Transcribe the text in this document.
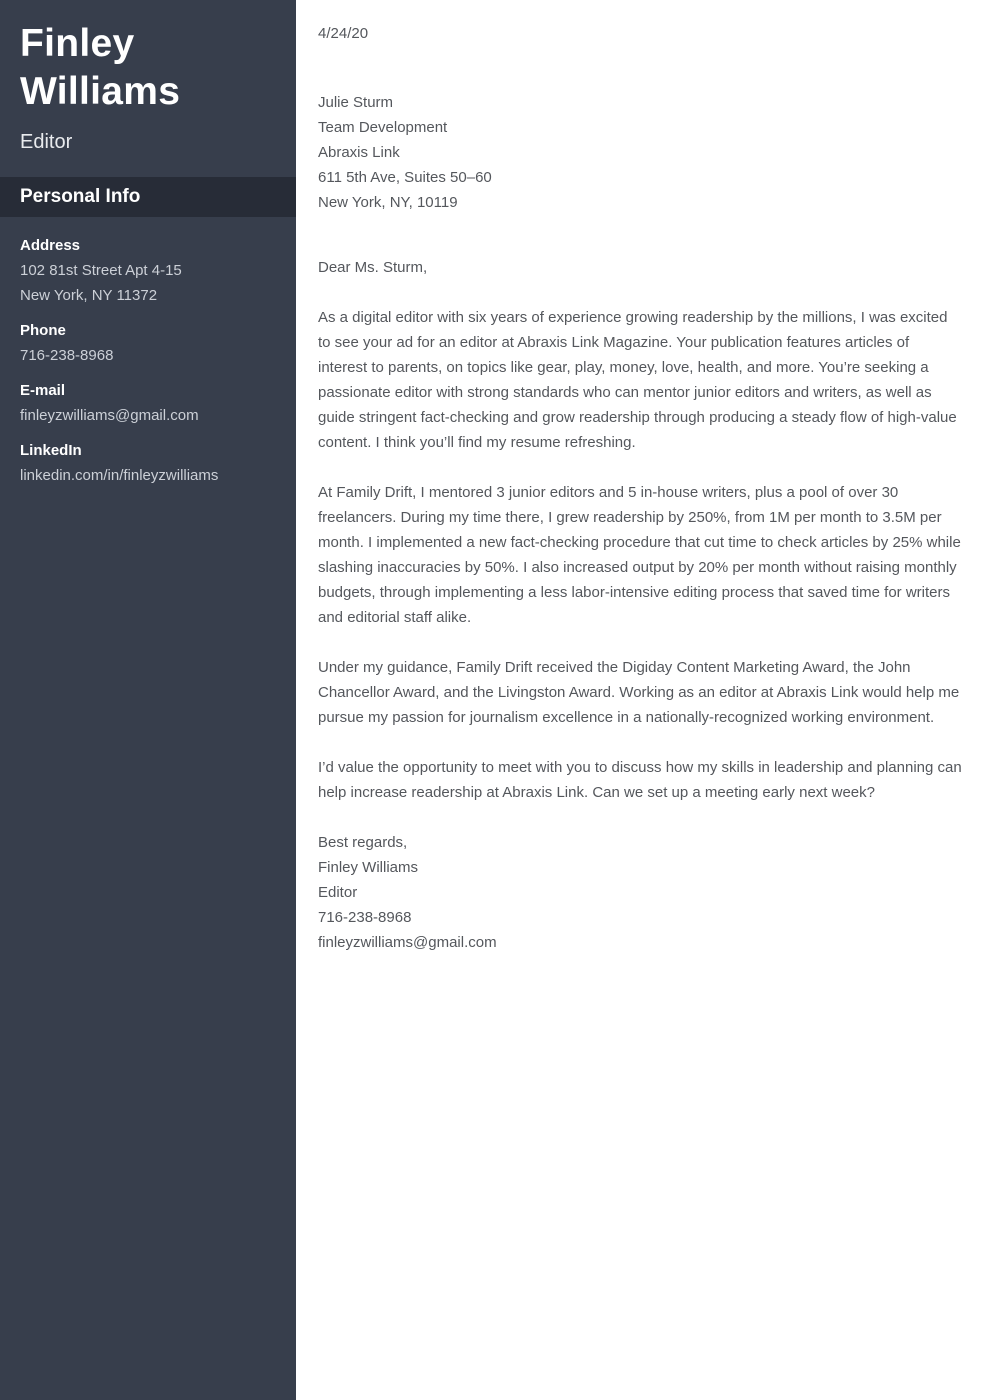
Finley Williams
Editor
Personal Info
Address
102 81st Street Apt 4-15
New York, NY 11372
Phone
716-238-8968
E-mail
finleyzwilliams@gmail.com
LinkedIn
linkedin.com/in/finleyzwilliams
4/24/20
Julie Sturm
Team Development
Abraxis Link
611 5th Ave, Suites 50–60
New York, NY, 10119
Dear Ms. Sturm,

As a digital editor with six years of experience growing readership by the millions, I was excited to see your ad for an editor at Abraxis Link Magazine. Your publication features articles of interest to parents, on topics like gear, play, money, love, health, and more. You’re seeking a passionate editor with strong standards who can mentor junior editors and writers, as well as guide stringent fact-checking and grow readership through producing a steady flow of high-value content. I think you’ll find my resume refreshing.

At Family Drift, I mentored 3 junior editors and 5 in-house writers, plus a pool of over 30 freelancers. During my time there, I grew readership by 250%, from 1M per month to 3.5M per month. I implemented a new fact-checking procedure that cut time to check articles by 25% while slashing inaccuracies by 50%. I also increased output by 20% per month without raising monthly budgets, through implementing a less labor-intensive editing process that saved time for writers and editorial staff alike.

Under my guidance, Family Drift received the Digiday Content Marketing Award, the John Chancellor Award, and the Livingston Award. Working as an editor at Abraxis Link would help me pursue my passion for journalism excellence in a nationally-recognized working environment.

I’d value the opportunity to meet with you to discuss how my skills in leadership and planning can help increase readership at Abraxis Link. Can we set up a meeting early next week?

Best regards,
Finley Williams
Editor
716-238-8968
finleyzwilliams@gmail.com
